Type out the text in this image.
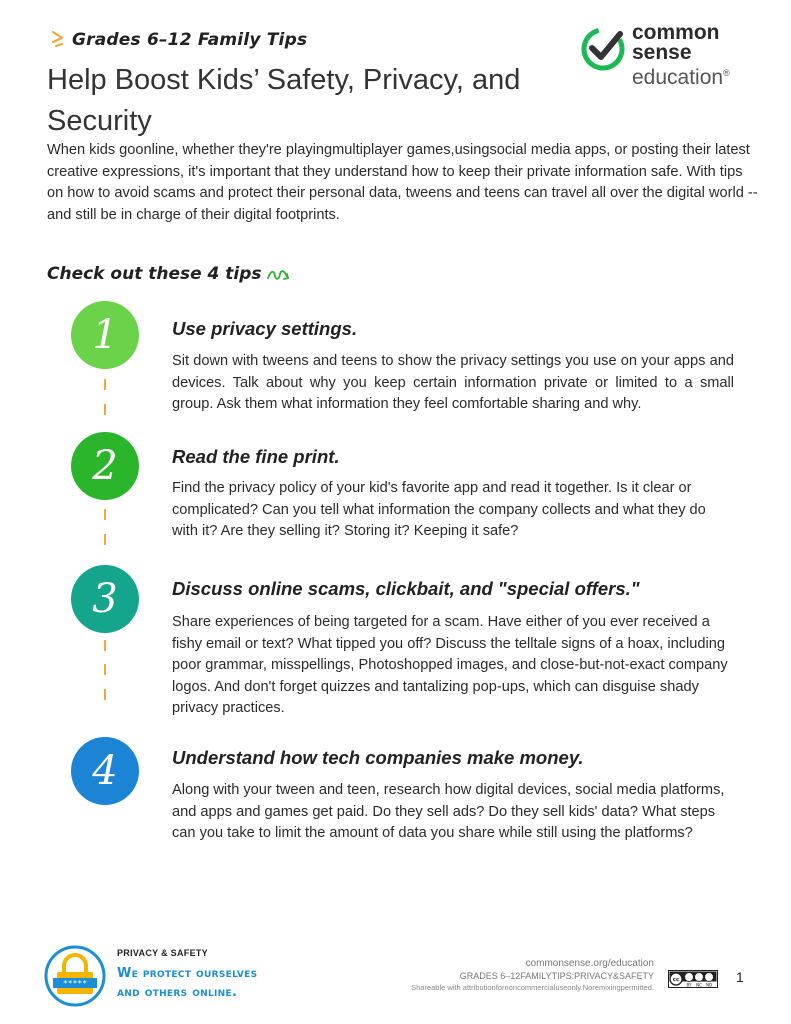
Grades 6–12 Family Tips	common
sense
education®
Help Boost Kids’ Safety, Privacy, and Security

When kids goonline, whether they're playingmultiplayer games,usingsocial media apps, or posting their latest creative expressions, it's important that they understand how to keep their private information safe. With tips on how to avoid scams and protect their personal data, tweens and teens can travel all over the digital world -- and still be in charge of their digital footprints.

Check out these 4 tips
1	Use privacy settings.

Sit down with tweens and teens to show the privacy settings you use on your apps and devices. Talk about why you keep certain information private or limited to a small group. Ask them what information they feel comfortable sharing and why.

2	Read the fine print.

Find the privacy policy of your kid's favorite app and read it together. Is it clear or complicated? Can you tell what information the company collects and what they do with it? Are they selling it? Storing it? Keeping it safe?

3	Discuss online scams, clickbait, and "special offers."

Share experiences of being targeted for a scam. Have either of you ever received a fishy email or text? What tipped you off? Discuss the telltale signs of a hoax, including poor grammar, misspellings, Photoshopped images, and close-but-not-exact company logos. And don't forget quizzes and tantalizing pop-ups, which can disguise shady privacy practices.

4	Understand how tech companies make money.

Along with your tween and teen, research how digital devices, social media platforms, and apps and games get paid. Do they sell ads? Do they sell kids' data? What steps can you take to limit the amount of data you share while still using the platforms?

*****
PRIVACY & SAFETY
We protect ourselves
and others online.
commonsense.org/education
GRADES 6–12FAMILYTIPS:PRIVACY&SAFETY
Shareable with attributionfornoncommercialuseonly.Noremixingpermitted.
cc
BY NC ND 1
